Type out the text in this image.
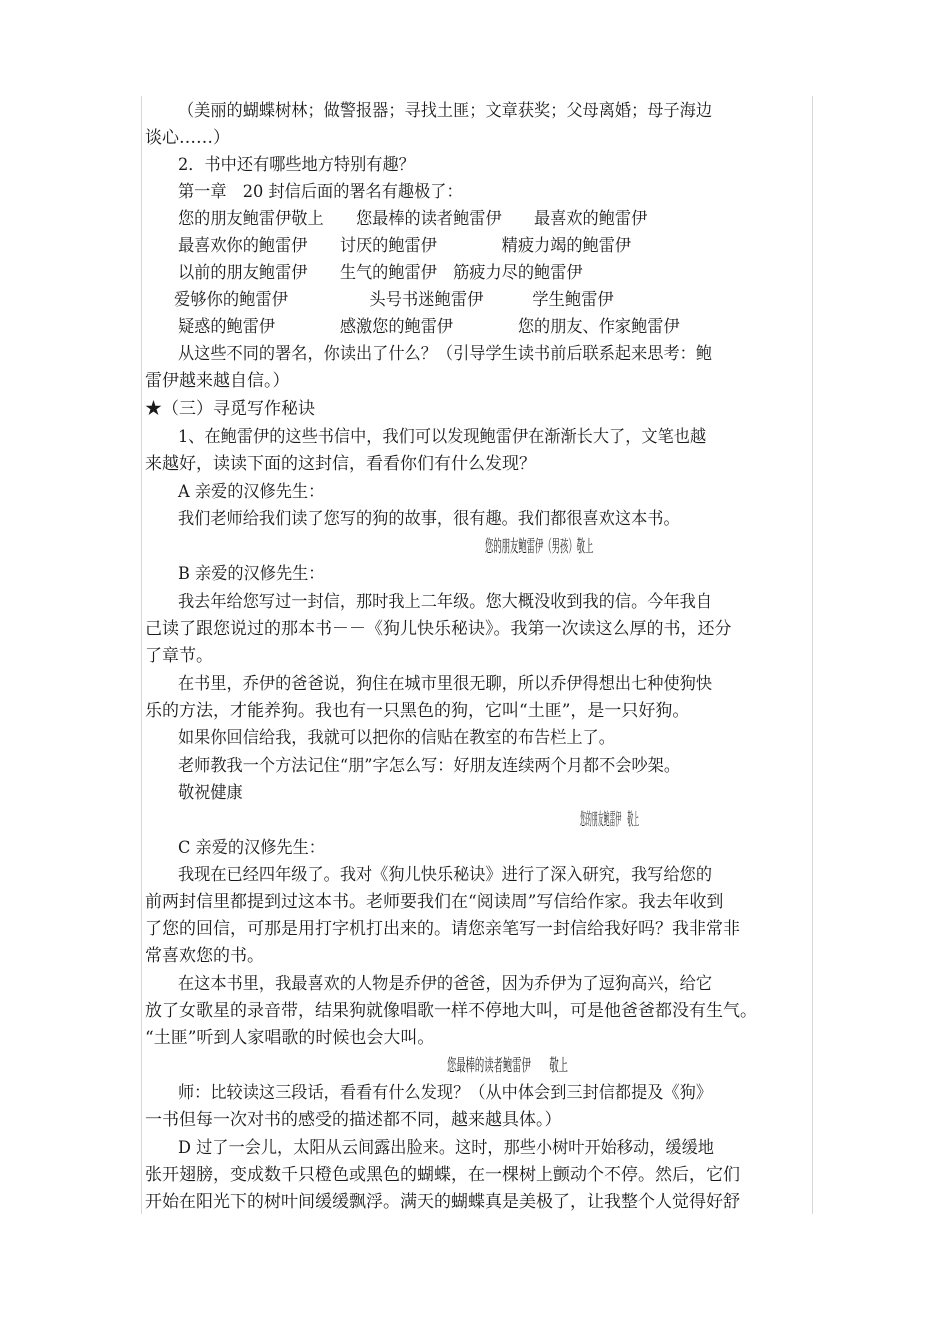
（美丽的蝴蝶树林；做警报器；寻找土匪；文章获奖；父母离婚；母子海边
谈心……）
2．书中还有哪些地方特别有趣？
第一章　20 封信后面的署名有趣极了：
您的朋友鲍雷伊敬上　　您最棒的读者鲍雷伊　　最喜欢的鲍雷伊
最喜欢你的鲍雷伊　　讨厌的鲍雷伊　　　　精疲力竭的鲍雷伊
以前的朋友鲍雷伊　　生气的鲍雷伊　筋疲力尽的鲍雷伊
爱够你的鲍雷伊　　　　　头号书迷鲍雷伊　　　学生鲍雷伊
疑惑的鲍雷伊　　　　感激您的鲍雷伊　　　　您的朋友、作家鲍雷伊
从这些不同的署名，你读出了什么？（引导学生读书前后联系起来思考：鲍
雷伊越来越自信。）
★（三）寻觅写作秘诀
1、在鲍雷伊的这些书信中，我们可以发现鲍雷伊在渐渐长大了，文笔也越
来越好，读读下面的这封信，看看你们有什么发现？
A 亲爱的汉修先生：
我们老师给我们读了您写的狗的故事，很有趣。我们都很喜欢这本书。
您的朋友鲍雷伊（男孩）敬上
B 亲爱的汉修先生：
我去年给您写过一封信，那时我上二年级。您大概没收到我的信。今年我自
己读了跟您说过的那本书－－《狗儿快乐秘诀》。我第一次读这么厚的书，还分
了章节。
在书里，乔伊的爸爸说，狗住在城市里很无聊，所以乔伊得想出七种使狗快
乐的方法，才能养狗。我也有一只黑色的狗，它叫“土匪”，是一只好狗。
如果你回信给我，我就可以把你的信贴在教室的布告栏上了。
老师教我一个方法记住“朋”字怎么写：好朋友连续两个月都不会吵架。
敬祝健康
您的朋友鲍雷伊　敬上
C 亲爱的汉修先生：
我现在已经四年级了。我对《狗儿快乐秘诀》进行了深入研究，我写给您的
前两封信里都提到过这本书。老师要我们在“阅读周”写信给作家。我去年收到
了您的回信，可那是用打字机打出来的。请您亲笔写一封信给我好吗？我非常非
常喜欢您的书。
在这本书里，我最喜欢的人物是乔伊的爸爸，因为乔伊为了逗狗高兴，给它
放了女歌星的录音带，结果狗就像唱歌一样不停地大叫，可是他爸爸都没有生气。
“土匪”听到人家唱歌的时候也会大叫。
您最棒的读者鲍雷伊　　敬上
师：比较读这三段话，看看有什么发现？（从中体会到三封信都提及《狗》
一书但每一次对书的感受的描述都不同，越来越具体。）
D 过了一会儿，太阳从云间露出脸来。这时，那些小树叶开始移动，缓缓地
张开翅膀，变成数千只橙色或黑色的蝴蝶，在一棵树上颤动个不停。然后，它们
开始在阳光下的树叶间缓缓飘浮。满天的蝴蝶真是美极了，让我整个人觉得好舒
